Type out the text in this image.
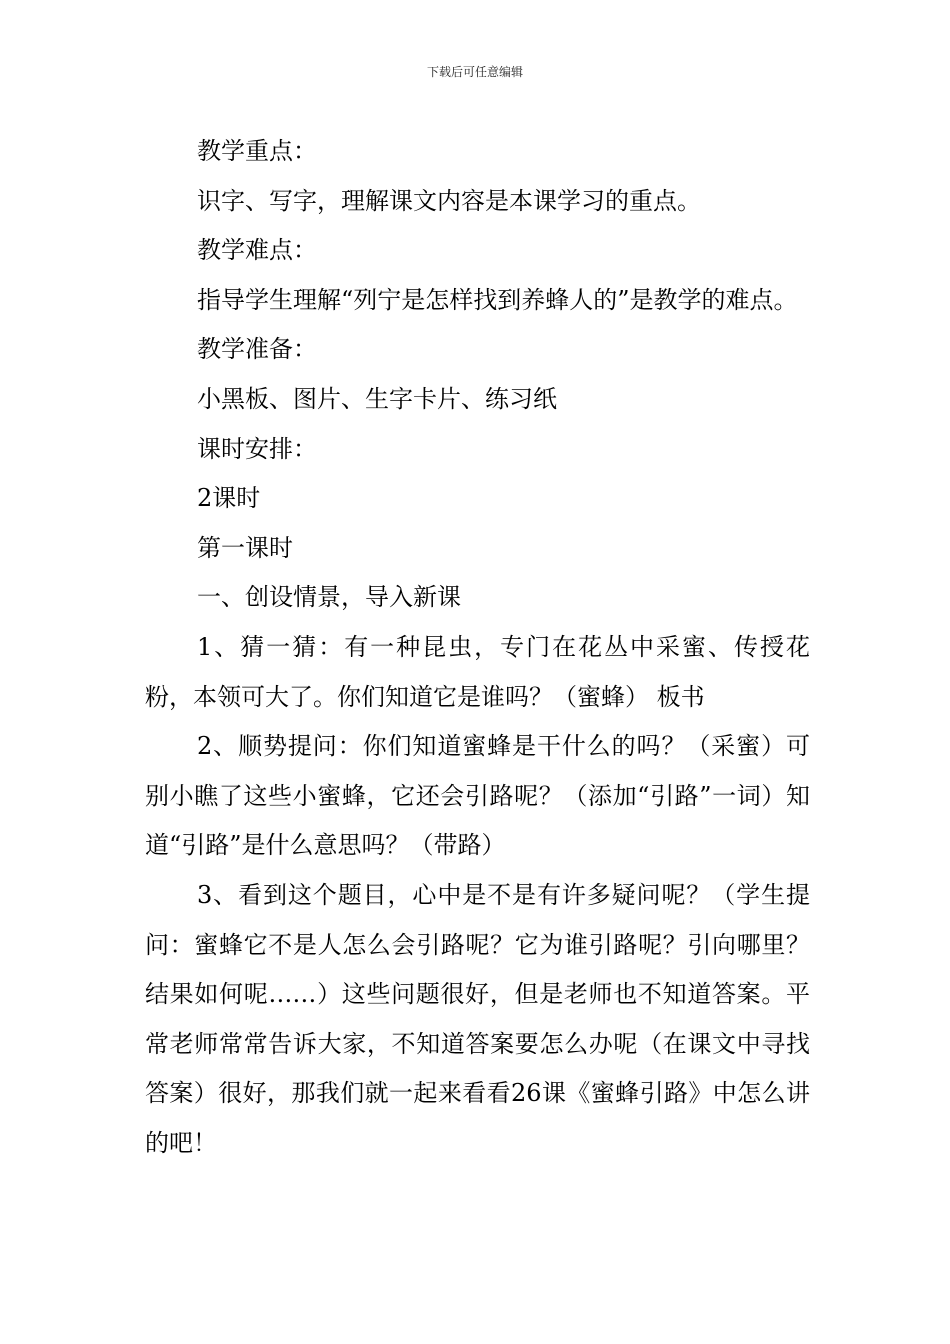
下载后可任意编辑

教学重点：

识字、写字，理解课文内容是本课学习的重点。

教学难点：

指导学生理解“列宁是怎样找到养蜂人的”是教学的难点。

教学准备：

小黑板、图片、生字卡片、练习纸

课时安排：

2课时

第一课时

一、创设情景，导入新课

1、猜一猜：有一种昆虫，专门在花丛中采蜜、传授花粉，本领可大了。你们知道它是谁吗？（蜜蜂） 板书

2、顺势提问：你们知道蜜蜂是干什么的吗？（采蜜）可别小瞧了这些小蜜蜂，它还会引路呢？（添加“引路”一词）知道“引路”是什么意思吗？（带路）

3、看到这个题目，心中是不是有许多疑问呢？（学生提问：蜜蜂它不是人怎么会引路呢？它为谁引路呢？引向哪里？结果如何呢……）这些问题很好，但是老师也不知道答案。平常老师常常告诉大家，不知道答案要怎么办呢（在课文中寻找答案）很好，那我们就一起来看看26课《蜜蜂引路》中怎么讲的吧！
